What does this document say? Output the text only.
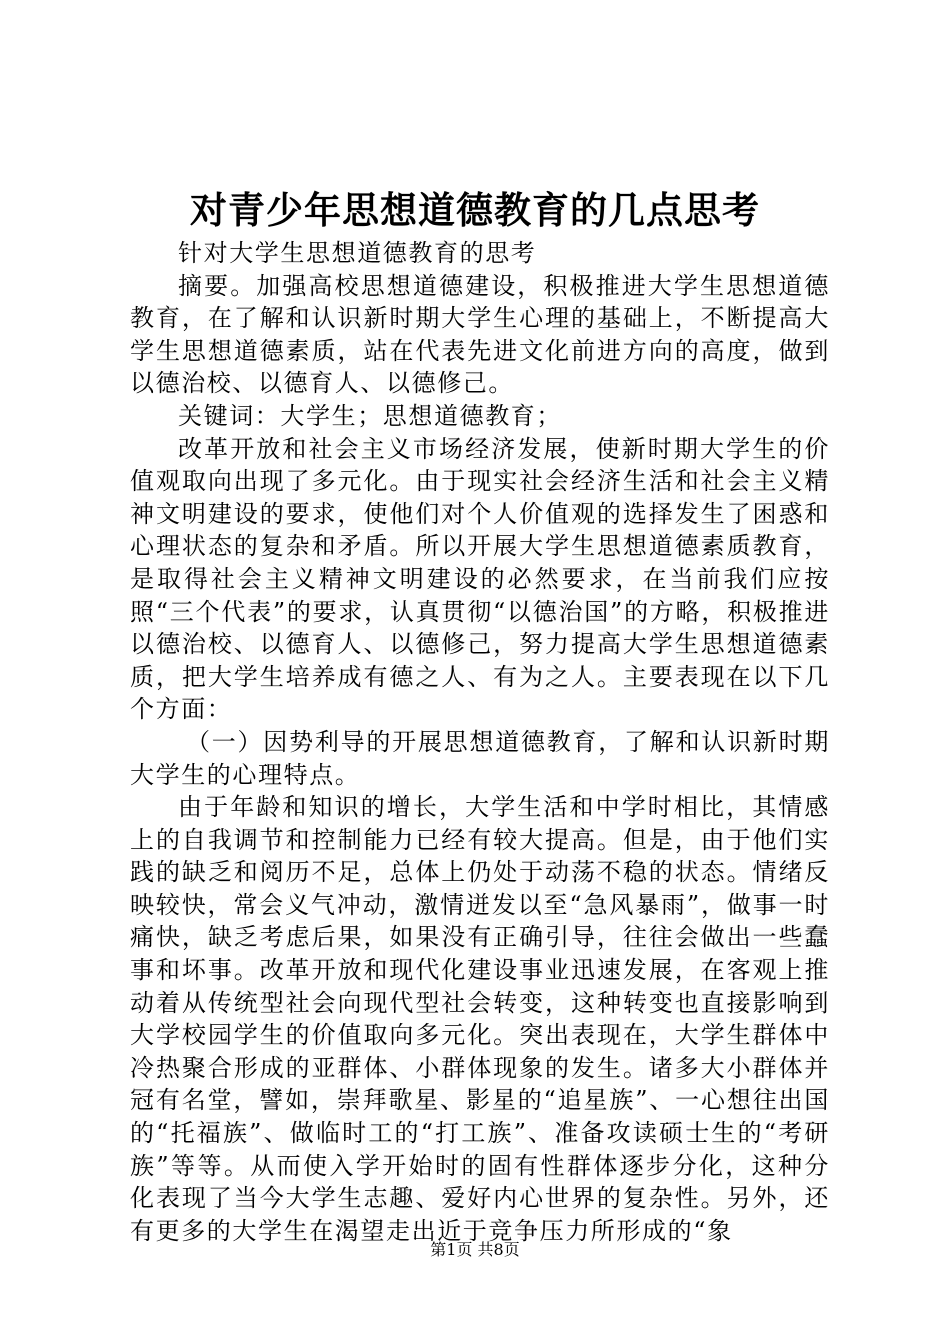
对青少年思想道德教育的几点思考

针对大学生思想道德教育的思考

摘要。加强高校思想道德建设，积极推进大学生思想道德教育，在了解和认识新时期大学生心理的基础上，不断提高大学生思想道德素质，站在代表先进文化前进方向的高度，做到以德治校、以德育人、以德修己。

关键词：大学生；思想道德教育；

改革开放和社会主义市场经济发展，使新时期大学生的价值观取向出现了多元化。由于现实社会经济生活和社会主义精神文明建设的要求，使他们对个人价值观的选择发生了困惑和心理状态的复杂和矛盾。所以开展大学生思想道德素质教育，是取得社会主义精神文明建设的必然要求，在当前我们应按照“三个代表”的要求，认真贯彻“以德治国”的方略，积极推进以德治校、以德育人、以德修己，努力提高大学生思想道德素质，把大学生培养成有德之人、有为之人。主要表现在以下几个方面：

（一）因势利导的开展思想道德教育，了解和认识新时期大学生的心理特点。

由于年龄和知识的增长，大学生活和中学时相比，其情感上的自我调节和控制能力已经有较大提高。但是，由于他们实践的缺乏和阅历不足，总体上仍处于动荡不稳的状态。情绪反映较快，常会义气冲动，激情迸发以至“急风暴雨”，做事一时痛快，缺乏考虑后果，如果没有正确引导，往往会做出一些蠢事和坏事。改革开放和现代化建设事业迅速发展，在客观上推动着从传统型社会向现代型社会转变，这种转变也直接影响到大学校园学生的价值取向多元化。突出表现在，大学生群体中冷热聚合形成的亚群体、小群体现象的发生。诸多大小群体并冠有名堂，譬如，崇拜歌星、影星的“追星族”、一心想往出国的“托福族”、做临时工的“打工族”、准备攻读硕士生的“考研族”等等。从而使入学开始时的固有性群体逐步分化，这种分化表现了当今大学生志趣、爱好内心世界的复杂性。另外，还有更多的大学生在渴望走出近于竞争压力所形成的“象

第1页 共8页
